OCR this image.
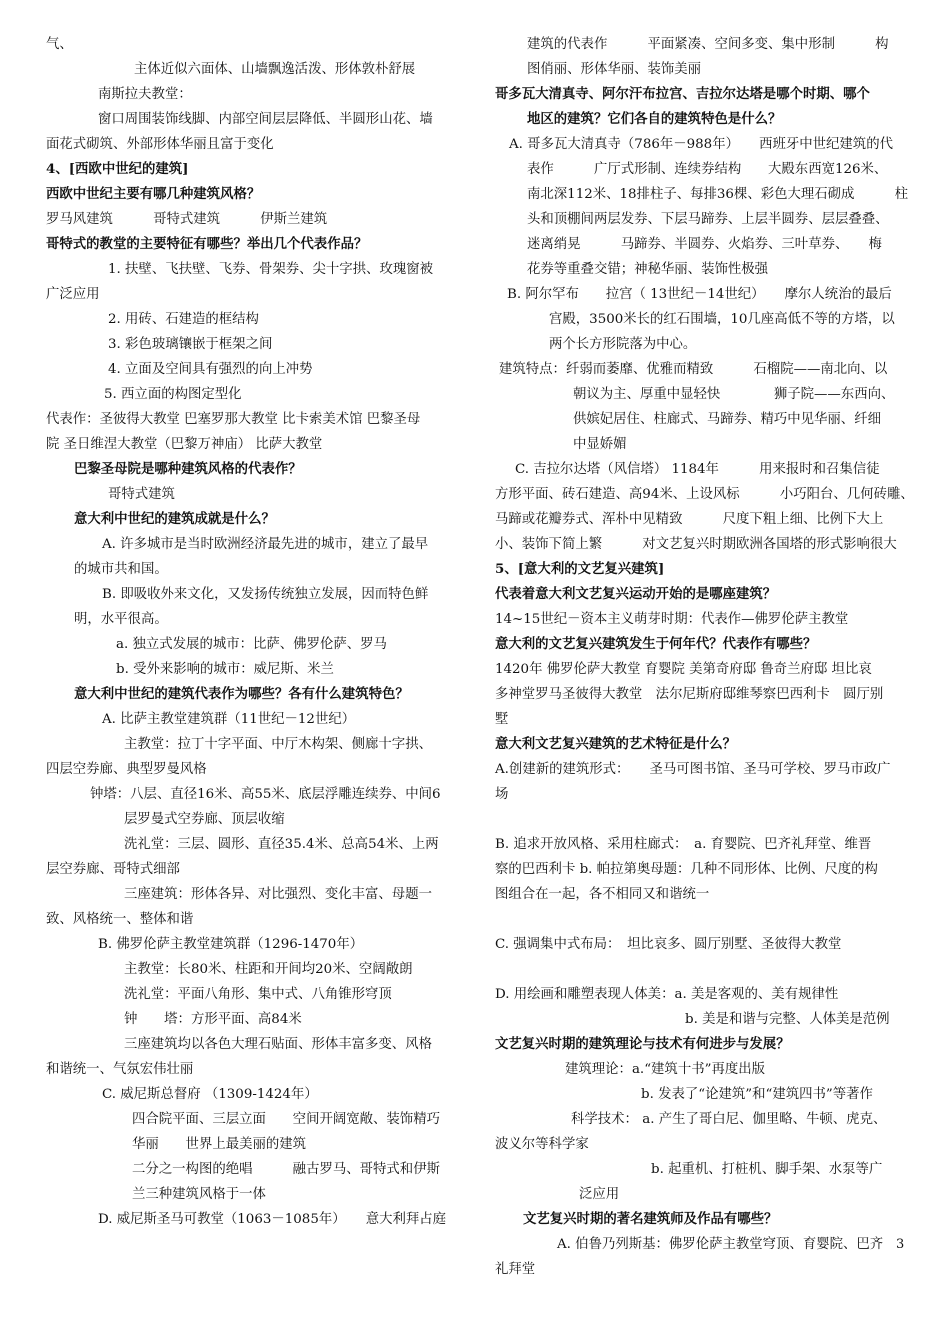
气、
主体近似六面体、山墙飘逸活泼、形体敦朴舒展
南斯拉夫教堂：
窗口周围装饰线脚、内部空间层层降低、半圆形山花、墙
面花式砌筑、外部形体华丽且富于变化
4、[西欧中世纪的建筑]
西欧中世纪主要有哪几种建筑风格？
罗马风建筑　　　哥特式建筑　　　伊斯兰建筑
哥特式的教堂的主要特征有哪些？举出几个代表作品？
1. 扶壁、飞扶壁、飞券、骨架券、尖十字拱、玫瑰窗被
广泛应用
2. 用砖、石建造的框结构
3. 彩色玻璃镶嵌于框架之间
4. 立面及空间具有强烈的向上冲势
5. 西立面的构图定型化
代表作：圣彼得大教堂 巴塞罗那大教堂 比卡索美术馆 巴黎圣母
院 圣日维涅大教堂（巴黎万神庙） 比萨大教堂
巴黎圣母院是哪种建筑风格的代表作？
哥特式建筑
意大利中世纪的建筑成就是什么？
A. 许多城市是当时欧洲经济最先进的城市，建立了最早
的城市共和国。
B. 即吸收外来文化，又发扬传统独立发展，因而特色鲜
明，水平很高。
a. 独立式发展的城市：比萨、佛罗伦萨、罗马
b. 受外来影响的城市：威尼斯、米兰
意大利中世纪的建筑代表作为哪些？各有什么建筑特色？
A. 比萨主教堂建筑群（11世纪－12世纪）
主教堂：拉丁十字平面、中厅木构架、侧廊十字拱、
四层空券廊、典型罗曼风格
钟塔：八层、直径16米、高55米、底层浮雕连续券、中间6
层罗曼式空券廊、顶层收缩
洗礼堂：三层、圆形、直径35.4米、总高54米、上两
层空券廊、哥特式细部
三座建筑：形体各异、对比强烈、变化丰富、母题一
致、风格统一、整体和谐
B. 佛罗伦萨主教堂建筑群（1296-1470年）
主教堂：长80米、柱距和开间均20米、空阔敞朗
洗礼堂：平面八角形、集中式、八角锥形穹顶
钟　　塔：方形平面、高84米
三座建筑均以各色大理石贴面、形体丰富多变、风格
和谐统一、气氛宏伟壮丽
C. 威尼斯总督府 （1309-1424年）
四合院平面、三层立面　　空间开阔宽敞、装饰精巧
华丽　　世界上最美丽的建筑
二分之一构图的绝唱　　　融古罗马、哥特式和伊斯
兰三种建筑风格于一体
D. 威尼斯圣马可教堂（1063－1085年）　　意大利拜占庭
建筑的代表作　　　平面紧凑、空间多变、集中形制　　　构
图俏丽、形体华丽、装饰美丽
哥多瓦大清真寺、阿尔汗布拉宫、吉拉尔达塔是哪个时期、哪个
地区的建筑？它们各自的建筑特色是什么？
A. 哥多瓦大清真寺（786年－988年）　　西班牙中世纪建筑的代
表作　　　广厅式形制、连续券结构　　大殿东西宽126米、
南北深112米、18排柱子、每排36棵、彩色大理石砌成　　　柱
头和顶棚间两层发券、下层马蹄券、上层半圆券、层层叠叠、
迷离绡晃　　　马蹄券、半圆券、火焰券、三叶草券、　　梅
花券等重叠交错；神秘华丽、装饰性极强
B. 阿尔罕布　　拉宫（ 13世纪－14世纪）　　摩尔人统治的最后
宫殿，3500米长的红石围墙，10几座高低不等的方塔，以
两个长方形院落为中心。
建筑特点：纤弱而萎靡、优雅而精致　　　石榴院——南北向、以
朝议为主、厚重中显轻快　　　　狮子院——东西向、
供嫔妃居住、柱廊式、马蹄券、精巧中见华丽、纤细
中显娇媚
C. 吉拉尔达塔（风信塔） 1184年　　　用来报时和召集信徒
方形平面、砖石建造、高94米、上设风标　　　小巧阳台、几何砖雕、
马蹄或花瓣券式、浑朴中见精致　　　尺度下粗上细、比例下大上
小、装饰下简上繁　　　对文艺复兴时期欧洲各国塔的形式影响很大
5、[意大利的文艺复兴建筑]
代表着意大利文艺复兴运动开始的是哪座建筑？
14~15世纪－资本主义萌芽时期：代表作—佛罗伦萨主教堂
意大利的文艺复兴建筑发生于何年代？代表作有哪些？
1420年 佛罗伦萨大教堂 育婴院 美第奇府邸 鲁奇兰府邸 坦比哀
多神堂罗马圣彼得大教堂　法尔尼斯府邸维琴察巴西利卡　圆厅别
墅
意大利文艺复兴建筑的艺术特征是什么？
A.创建新的建筑形式：　　圣马可图书馆、圣马可学校、罗马市政广
场
B. 追求开放风格、采用柱廊式：　a. 育婴院、巴齐礼拜堂、维晋
察的巴西利卡 b. 帕拉第奥母题：几种不同形体、比例、尺度的构
图组合在一起，各不相同又和谐统一
C. 强调集中式布局：　坦比哀多、圆厅别墅、圣彼得大教堂
D. 用绘画和雕塑表现人体美：a. 美是客观的、美有规律性
b. 美是和谐与完整、人体美是范例
文艺复兴时期的建筑理论与技术有何进步与发展？
建筑理论：a.“建筑十书”再度出版
b. 发表了“论建筑”和“建筑四书”等著作
科学技术： a. 产生了哥白尼、伽里略、牛顿、虎克、
波义尔等科学家
b. 起重机、打桩机、脚手架、水泵等广
泛应用
文艺复兴时期的著名建筑师及作品有哪些？
A. 伯鲁乃列斯基：佛罗伦萨主教堂穹顶、育婴院、巴齐
礼拜堂
3
